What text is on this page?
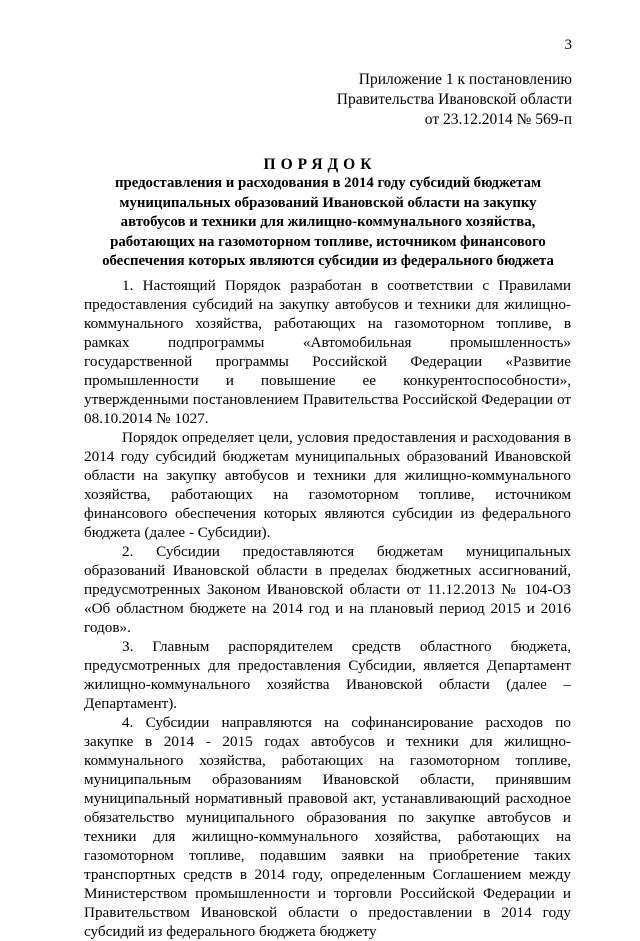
3
Приложение 1 к постановлению
Правительства Ивановской области
от 23.12.2014 № 569-п
ПОРЯДОК
предоставления и расходования в 2014 году субсидий бюджетам
муниципальных образований Ивановской области на закупку
автобусов и техники для жилищно-коммунального хозяйства,
работающих на газомоторном топливе, источником финансового
обеспечения которых являются субсидии из федерального бюджета

1. Настоящий Порядок разработан в соответствии с Правилами предоставления субсидий на закупку автобусов и техники для жилищно-коммунального хозяйства, работающих на газомоторном топливе, в рамках подпрограммы «Автомобильная промышленность» государственной программы Российской Федерации «Развитие промышленности и повышение ее конкурентоспособности», утвержденными постановлением Правительства Российской Федерации от 08.10.2014 № 1027.

Порядок определяет цели, условия предоставления и расходования в 2014 году субсидий бюджетам муниципальных образований Ивановской области на закупку автобусов и техники для жилищно-коммунального хозяйства, работающих на газомоторном топливе, источником финансового обеспечения которых являются субсидии из федерального бюджета (далее - Субсидии).

2. Субсидии предоставляются бюджетам муниципальных образований Ивановской области в пределах бюджетных ассигнований, предусмотренных Законом Ивановской области от 11.12.2013 № 104-ОЗ «Об областном бюджете на 2014 год и на плановый период 2015 и 2016 годов».

3. Главным распорядителем средств областного бюджета, предусмотренных для предоставления Субсидии, является Департамент жилищно-коммунального хозяйства Ивановской области (далее – Департамент).

4. Субсидии направляются на софинансирование расходов по закупке в 2014 - 2015 годах автобусов и техники для жилищно-коммунального хозяйства, работающих на газомоторном топливе, муниципальным образованиям Ивановской области, принявшим муниципальный нормативный правовой акт, устанавливающий расходное обязательство муниципального образования по закупке автобусов и техники для жилищно-коммунального хозяйства, работающих на газомоторном топливе, подавшим заявки на приобретение таких транспортных средств в 2014 году, определенным Соглашением между Министерством промышленности и торговли Российской Федерации и Правительством Ивановской области о предоставлении в 2014 году субсидий из федерального бюджета бюджету
